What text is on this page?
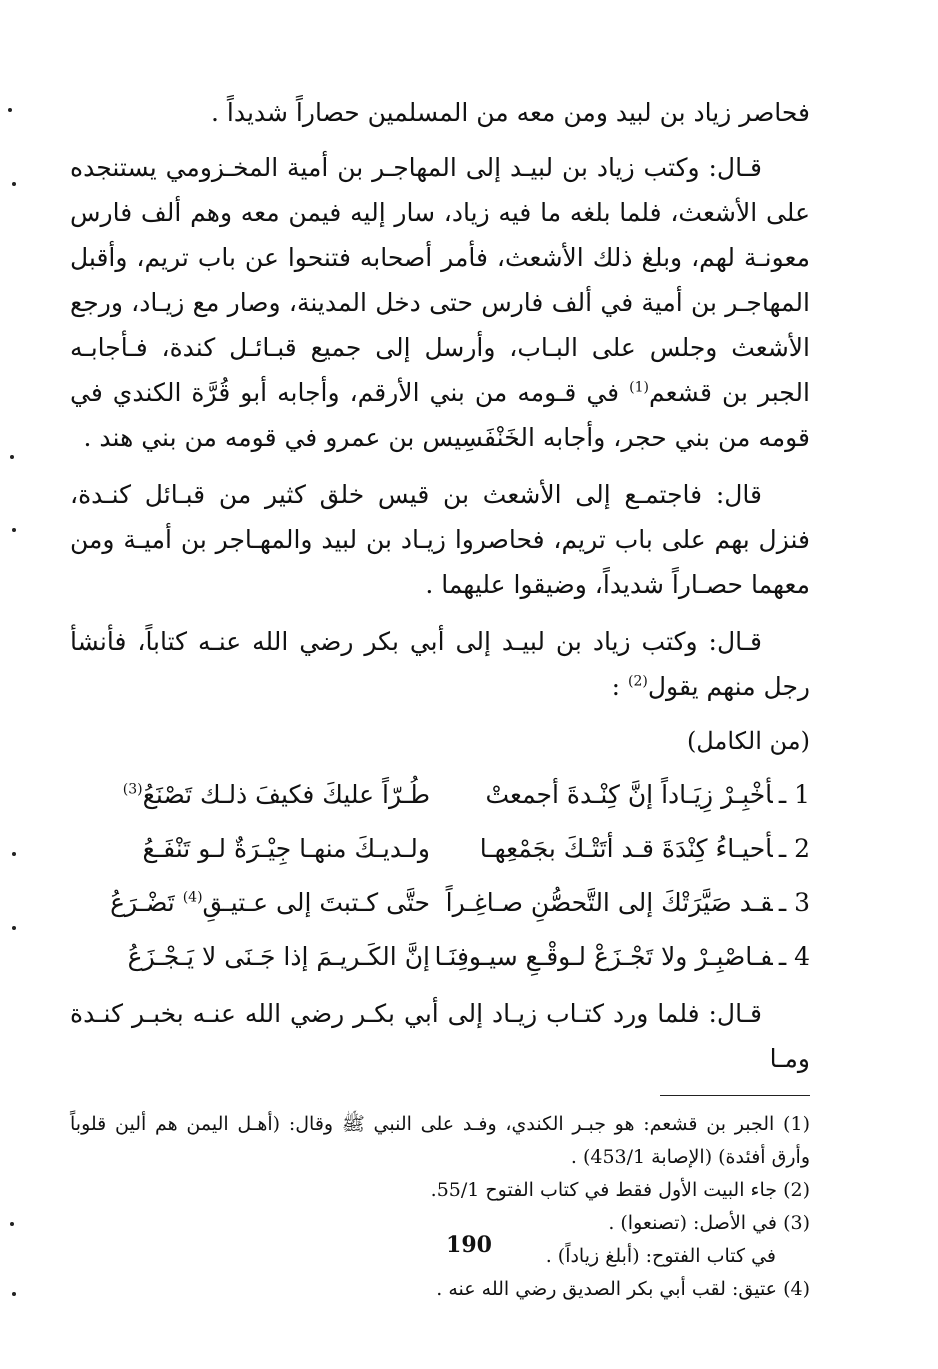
فحاصر زياد بن لبيد ومن معه من المسلمين حصاراً شديداً .

قـال: وكتب زياد بن لبيـد إلى المهاجـر بن أمية المخـزومي يستنجده على الأشعث، فلما بلغه ما فيه زياد، سار إليه فيمن معه وهم ألف فارس معونـة لهم، وبلغ ذلك الأشعث، فأمر أصحابه فتنحوا عن باب تريم، وأقبل المهاجـر بن أمية في ألف فارس حتى دخل المدينة، وصار مع زيـاد، ورجع الأشعث وجلس على البـاب، وأرسل إلى جميع قبـائـل كندة، فـأجابـه الجبر بن قشعم$^{(1)}$ في قـومه من بني الأرقم، وأجابه أبو قُرَّة الكندي في قومه من بني حجر، وأجابه الخَنْفَسِيس بن عمرو في قومه من بني هند .

قال: فاجتمـع إلى الأشعث بن قيس خلق كثير من قبـائل كنـدة، فنزل بهم على باب تريم، فحاصروا زيـاد بن لبيد والمهـاجر بن أميـة ومن معهما حصـاراً شديداً، وضيقوا عليهما .

قـال: وكتب زياد بن لبيـد إلى أبي بكر رضي الله عنـه كتاباً، فأنشأ رجل منهم يقول$^{(2)}$ :

(من الكامل)
1 ـأخْبِـرْ زِيَـاداً إنَّ كِنْـدةَ أجمعتْ
طُـرّاً عليكَ فكيفَ ذلـك تَصْنَعُ$^{(3)}$
2 ـأحيـاءُ كِنْدَةَ قـد أتَتْـكَ بجَمْعِهـا
ولـديـكَ منهـا جِيْـرَةٌ لـو تَنْفَـعُ
3 ـقـد صَيَّرَتْكَ إلى التَّحصُّنِ صـاغِـراً
حتَّى كـتبتَ إلى عـتيـقِ$^{(4)}$ تَضْـرَعُ
4 ـفـاصْبِـرْ ولا تَجْـزَعْ لـوقْـعِ سيـوفِنَـا
إنَّ الكَـريـمَ إذا جَـنَى لا يَـجْـزَعُ

قـال: فلما ورد كتـاب زيـاد إلى أبي بكـر رضي الله عنـه بخبـر كنـدة ومـا

(1) الجبر بن قشعم: هو جبـر الكندي، وفـد على النبي ﷺ وقال: (أهـل اليمن هم ألين قلوباً وأرق أفئدة) (الإصابة 453/1) .
(2) جاء البيت الأول فقط في كتاب الفتوح 55/1.
(3) في الأصل: (تصنعوا) .
في كتاب الفتوح: (أبلغ زياداً) .
(4) عتيق: لقب أبي بكر الصديق رضي الله عنه .
190
